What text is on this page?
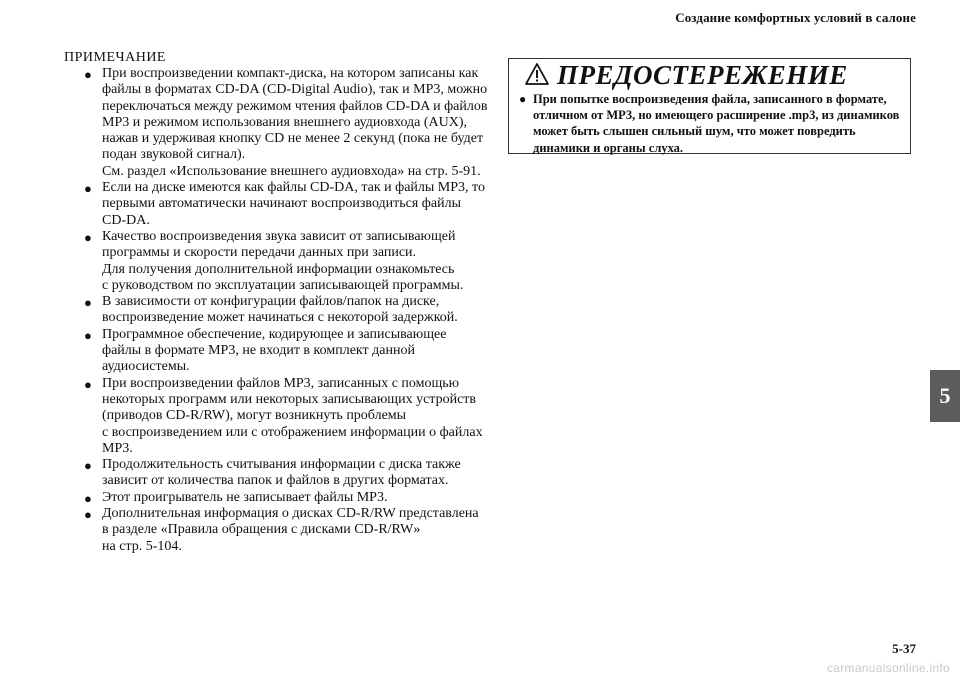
Создание комфортных условий в салоне
5
ПРИМЕЧАНИЕ
● При воспроизведении компакт-диска, на котором записаны как
файлы в форматах CD-DA (CD-Digital Audio), так и MP3, можно
переключаться между режимом чтения файлов CD-DA и файлов
MP3 и режимом использования внешнего аудиовхода (AUX),
нажав и удерживая кнопку CD не менее 2 секунд (пока не будет
подан звуковой сигнал).
См. раздел «Использование внешнего аудиовхода» на стр. 5-91.
● Если на диске имеются как файлы CD-DA, так и файлы MP3, то
первыми автоматически начинают воспроизводиться файлы
CD-DA.
● Качество воспроизведения звука зависит от записывающей
программы и скорости передачи данных при записи.
Для получения дополнительной информации ознакомьтесь
с руководством по эксплуатации записывающей программы.
● В зависимости от конфигурации файлов/папок на диске,
воспроизведение может начинаться с некоторой задержкой.
● Программное обеспечение, кодирующее и записывающее
файлы в формате MP3, не входит в комплект данной
аудиосистемы.
● При воспроизведении файлов MP3, записанных с помощью
некоторых программ или некоторых записывающих устройств
(приводов CD-R/RW), могут возникнуть проблемы
с воспроизведением или с отображением информации о файлах
MP3.
● Продолжительность считывания информации с диска также
зависит от количества папок и файлов в других форматах.
● Этот проигрыватель не записывает файлы MP3.
● Дополнительная информация о дисках CD-R/RW представлена
в разделе «Правила обращения с дисками CD-R/RW»
на стр. 5-104.
ПРЕДОСТЕРЕЖЕНИЕ
● При попытке воспроизведения файла, записанного в формате,
отличном от MP3, но имеющего расширение .mp3, из динамиков
может быть слышен сильный шум, что может повредить
динамики и органы слуха.
5-37
carmanualsonline.info
